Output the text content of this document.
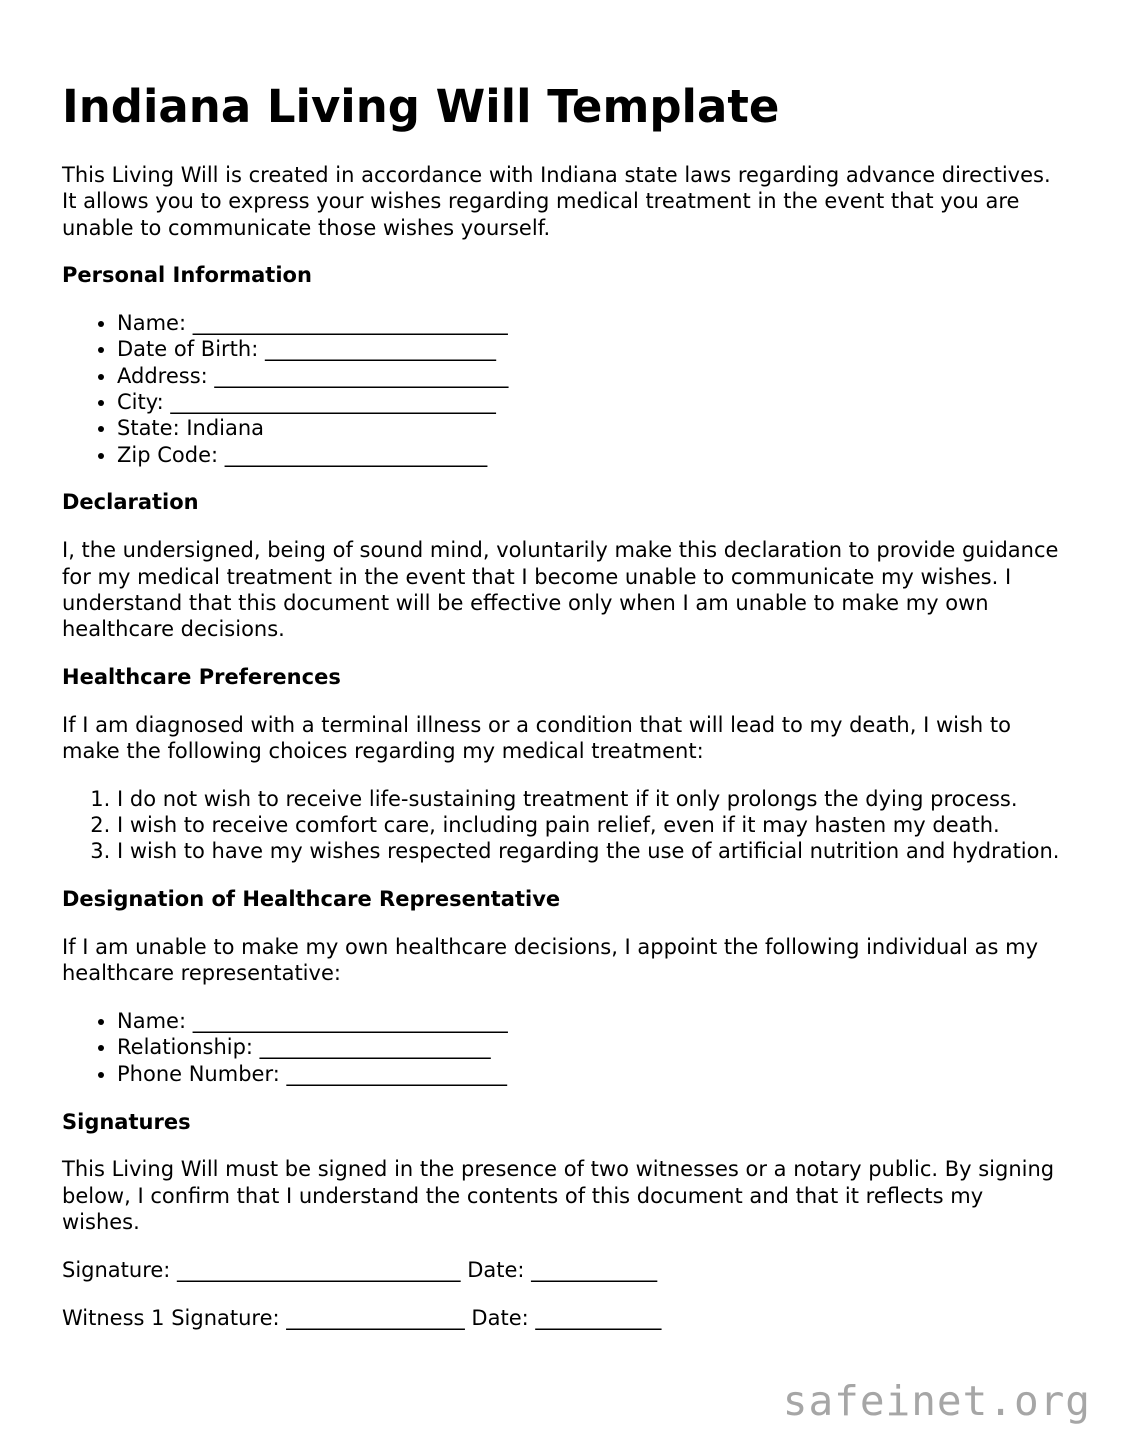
Indiana Living Will Template

This Living Will is created in accordance with Indiana state laws regarding advance directives. It allows you to express your wishes regarding medical treatment in the event that you are unable to communicate those wishes yourself.

Personal Information
• Name: ______________________________
• Date of Birth: ______________________
• Address: ____________________________
• City: _______________________________
• State: Indiana
• Zip Code: _________________________
Declaration

I, the undersigned, being of sound mind, voluntarily make this declaration to provide guidance for my medical treatment in the event that I become unable to communicate my wishes. I understand that this document will be effective only when I am unable to make my own healthcare decisions.

Healthcare Preferences

If I am diagnosed with a terminal illness or a condition that will lead to my death, I wish to make the following choices regarding my medical treatment:

1. I do not wish to receive life-sustaining treatment if it only prolongs the dying process.
2. I wish to receive comfort care, including pain relief, even if it may hasten my death.
3. I wish to have my wishes respected regarding the use of artificial nutrition and hydration.
Designation of Healthcare Representative

If I am unable to make my own healthcare decisions, I appoint the following individual as my healthcare representative:

• Name: ______________________________
• Relationship: ______________________
• Phone Number: _____________________
Signatures

This Living Will must be signed in the presence of two witnesses or a notary public. By signing below, I confirm that I understand the contents of this document and that it reflects my wishes.

Signature: ___________________________ Date: ____________

Witness 1 Signature: _________________ Date: ____________

safeinet.org
